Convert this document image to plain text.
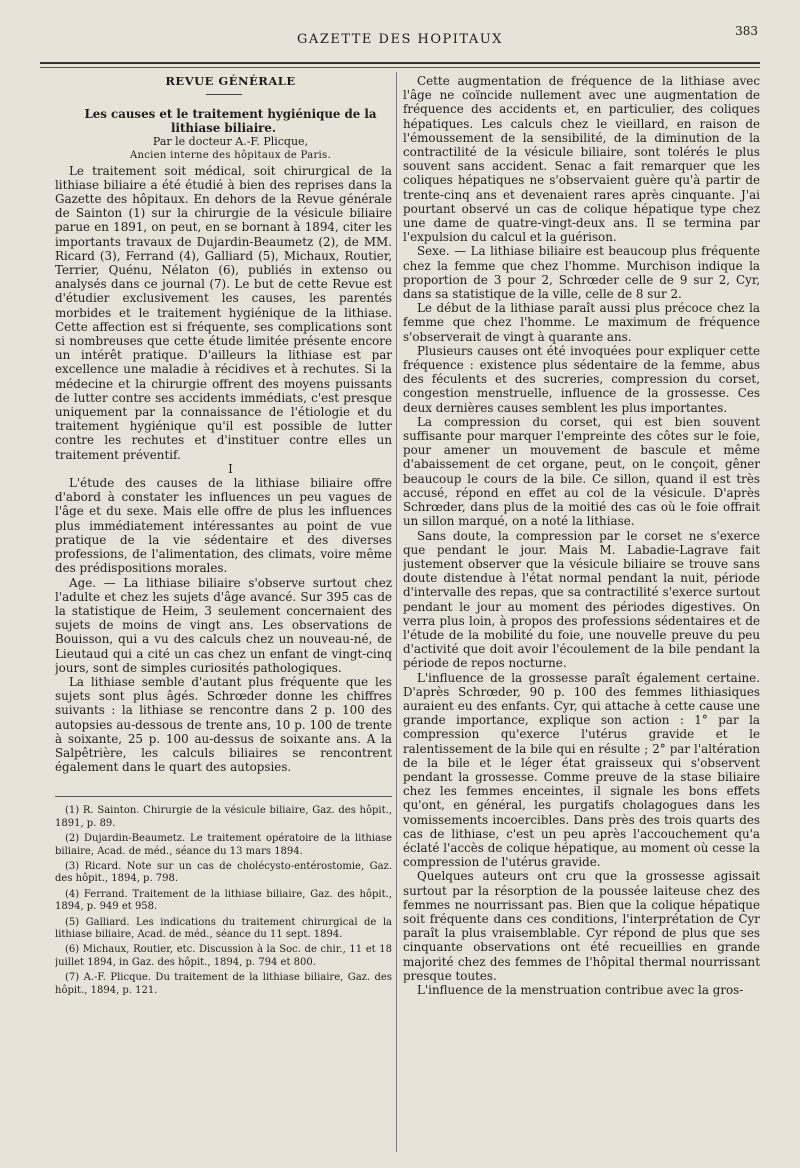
GAZETTE DES HOPITAUX
383

REVUE GÉNÉRALE

Les causes et le traitement hygiénique de la lithiase biliaire.

Par le docteur A.-F. Plicque,

Ancien interne des hôpitaux de Paris.

Le traitement soit médical, soit chirurgical de la lithiase biliaire a été étudié à bien des reprises dans la Gazette des hôpitaux. En dehors de la Revue générale de Sainton (1) sur la chirurgie de la vésicule biliaire parue en 1891, on peut, en se bornant à 1894, citer les importants travaux de Dujardin-Beaumetz (2), de MM. Ricard (3), Ferrand (4), Galliard (5), Michaux, Routier, Terrier, Quénu, Nélaton (6), publiés in extenso ou analysés dans ce journal (7). Le but de cette Revue est d'étudier exclusivement les causes, les parentés morbides et le traitement hygiénique de la lithiase. Cette affection est si fréquente, ses complications sont si nombreuses que cette étude limitée présente encore un intérêt pratique. D'ailleurs la lithiase est par excellence une maladie à récidives et à rechutes. Si la médecine et la chirurgie offrent des moyens puissants de lutter contre ses accidents immédiats, c'est presque uniquement par la connaissance de l'étiologie et du traitement hygiénique qu'il est possible de lutter contre les rechutes et d'instituer contre elles un traitement préventif.

I

L'étude des causes de la lithiase biliaire offre d'abord à constater les influences un peu vagues de l'âge et du sexe. Mais elle offre de plus les influences plus immédiatement intéressantes au point de vue pratique de la vie sédentaire et des diverses professions, de l'alimentation, des climats, voire même des prédispositions morales.

Age. — La lithiase biliaire s'observe surtout chez l'adulte et chez les sujets d'âge avancé. Sur 395 cas de la statistique de Heim, 3 seulement concernaient des sujets de moins de vingt ans. Les observations de Bouisson, qui a vu des calculs chez un nouveau-né, de Lieutaud qui a cité un cas chez un enfant de vingt-cinq jours, sont de simples curiosités pathologiques.

La lithiase semble d'autant plus fréquente que les sujets sont plus âgés. Schrœder donne les chiffres suivants : la lithiase se rencontre dans 2 p. 100 des autopsies au-dessous de trente ans, 10 p. 100 de trente à soixante, 25 p. 100 au-dessus de soixante ans. A la Salpêtrière, les calculs biliaires se rencontrent également dans le quart des autopsies.

(1) R. Sainton. Chirurgie de la vésicule biliaire, Gaz. des hôpit., 1891, p. 89.

(2) Dujardin-Beaumetz. Le traitement opératoire de la lithiase biliaire, Acad. de méd., séance du 13 mars 1894.

(3) Ricard. Note sur un cas de cholécysto-entérostomie, Gaz. des hôpit., 1894, p. 798.

(4) Ferrand. Traitement de la lithiase biliaire, Gaz. des hôpit., 1894, p. 949 et 958.

(5) Galliard. Les indications du traitement chirurgical de la lithiase biliaire, Acad. de méd., séance du 11 sept. 1894.

(6) Michaux, Routier, etc. Discussion à la Soc. de chir., 11 et 18 juillet 1894, in Gaz. des hôpit., 1894, p. 794 et 800.

(7) A.-F. Plicque. Du traitement de la lithiase biliaire, Gaz. des hôpit., 1894, p. 121.

Cette augmentation de fréquence de la lithiase avec l'âge ne coïncide nullement avec une augmentation de fréquence des accidents et, en particulier, des coliques hépatiques. Les calculs chez le vieillard, en raison de l'émoussement de la sensibilité, de la diminution de la contractilité de la vésicule biliaire, sont tolérés le plus souvent sans accident. Senac a fait remarquer que les coliques hépatiques ne s'observaient guère qu'à partir de trente-cinq ans et devenaient rares après cinquante. J'ai pourtant observé un cas de colique hépatique type chez une dame de quatre-vingt-deux ans. Il se termina par l'expulsion du calcul et la guérison.

Sexe. — La lithiase biliaire est beaucoup plus fréquente chez la femme que chez l'homme. Murchison indique la proportion de 3 pour 2, Schrœder celle de 9 sur 2, Cyr, dans sa statistique de la ville, celle de 8 sur 2.

Le début de la lithiase paraît aussi plus précoce chez la femme que chez l'homme. Le maximum de fréquence s'observerait de vingt à quarante ans.

Plusieurs causes ont été invoquées pour expliquer cette fréquence : existence plus sédentaire de la femme, abus des féculents et des sucreries, compression du corset, congestion menstruelle, influence de la grossesse. Ces deux dernières causes semblent les plus importantes.

La compression du corset, qui est bien souvent suffisante pour marquer l'empreinte des côtes sur le foie, pour amener un mouvement de bascule et même d'abaissement de cet organe, peut, on le conçoit, gêner beaucoup le cours de la bile. Ce sillon, quand il est très accusé, répond en effet au col de la vésicule. D'après Schrœder, dans plus de la moitié des cas où le foie offrait un sillon marqué, on a noté la lithiase.

Sans doute, la compression par le corset ne s'exerce que pendant le jour. Mais M. Labadie-Lagrave fait justement observer que la vésicule biliaire se trouve sans doute distendue à l'état normal pendant la nuit, période d'intervalle des repas, que sa contractilité s'exerce surtout pendant le jour au moment des périodes digestives. On verra plus loin, à propos des professions sédentaires et de l'étude de la mobilité du foie, une nouvelle preuve du peu d'activité que doit avoir l'écoulement de la bile pendant la période de repos nocturne.

L'influence de la grossesse paraît également certaine. D'après Schrœder, 90 p. 100 des femmes lithiasiques auraient eu des enfants. Cyr, qui attache à cette cause une grande importance, explique son action : 1° par la compression qu'exerce l'utérus gravide et le ralentissement de la bile qui en résulte ; 2° par l'altération de la bile et le léger état graisseux qui s'observent pendant la grossesse. Comme preuve de la stase biliaire chez les femmes enceintes, il signale les bons effets qu'ont, en général, les purgatifs cholagogues dans les vomissements incoercibles. Dans près des trois quarts des cas de lithiase, c'est un peu après l'accouchement qu'a éclaté l'accès de colique hépatique, au moment où cesse la compression de l'utérus gravide.

Quelques auteurs ont cru que la grossesse agissait surtout par la résorption de la poussée laiteuse chez des femmes ne nourrissant pas. Bien que la colique hépatique soit fréquente dans ces conditions, l'interprétation de Cyr paraît la plus vraisemblable. Cyr répond de plus que ses cinquante observations ont été recueillies en grande majorité chez des femmes de l'hôpital thermal nourrissant presque toutes.

L'influence de la menstruation contribue avec la gros-
